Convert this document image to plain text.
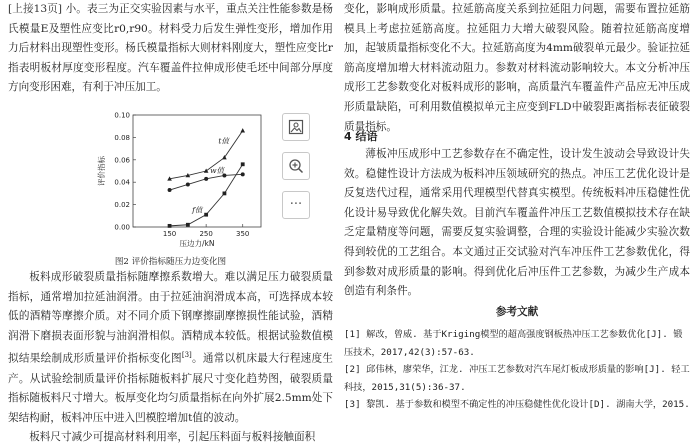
[上接13页] 小。表三为正交实验因素与水平，重点关注性能参数是杨氏模量E及塑性应变比r0,r90。材料受力后发生弹性变形，增加作用力后材料出现塑性变形。杨氏模量指标大则材料刚度大，塑性应变比r指表明板材厚度变形程度。汽车覆盖件拉伸成形使毛坯中间部分厚度方向变形困难，有利于冲压加工。

0.00
0.02
0.04
0.06
0.08
0.10
150	250	350
压边力/kN
评价指标
t值
w值
f值
图2 评价指标随压力边变化图
···

板料成形破裂质量指标随摩擦系数增大。难以满足压力破裂质量指标，通常增加拉延油润滑。由于拉延油润滑成本高，可选择成本较低的酒精等摩擦介质。对不同介质下钢摩擦副摩擦损性能试验，酒精润滑下磨损表面形貌与油润滑相似。酒精成本较低。根据试验数值模拟结果绘制成形质量评价指标变化图[3]。通常以机床最大行程速度生产。从试验绘制质量评价指标随板料扩展尺寸变化趋势图，破裂质量指标随板料尺寸增大。板厚变化均匀质量指标在向外扩展2.5mm处下架结构耐，板料冲压中进入凹模腔增加t值的波动。

板料尺寸减少可提高材料利用率，引起压料面与板料接触面积

变化，影响成形质量。拉延筋高度关系到拉延阻力问题，需要布置拉延筋模具上考虑拉延筋高度。拉延阻力大增大破裂风险。随着拉延筋高度增加，起皱质量指标变化不大。拉延筋高度为4mm破裂单元最少。验证拉延筋高度增加增大材料流动阻力。参数对材料流动影响较大。本文分析冲压成形工艺参数变化对板料成形的影响，高质量汽车覆盖件产品应无冲压成形质量缺陷，可利用数值模拟单元主应变到FLD中破裂距离指标表征破裂质量指标。

4 结语

薄板冲压成形中工艺参数存在不确定性，设计发生波动会导致设计失效。稳健性设计方法成为板料冲压领域研究的热点。冲压工艺优化设计是反复迭代过程，通常采用代理模型代替真实模型。传统板料冲压稳健性优化设计易导致优化解失效。目前汽车覆盖件冲压工艺数值模拟技术存在缺乏定量精度等问题，需要反复实验调整，合理的实验设计能减少实验次数得到较优的工艺组合。本文通过正交试验对汽车冲压件工艺参数优化，得到参数对成形质量的影响。得到优化后冲压件工艺参数，为减少生产成本创造有利条件。

参考文献

[1] 解改，曾威. 基于Kriging模型的超高强度钢板热冲压工艺参数优化[J]. 锻压技术，2017,42(3):57-63.

[2] 邱伟林，廖荣华，江龙. 冲压工艺参数对汽车尾灯板成形质量的影响[J]. 轻工科技，2015,31(5):36-37.

[3] 黎凯. 基于参数和模型不确定性的冲压稳健性优化设计[D]. 湖南大学，2015.
